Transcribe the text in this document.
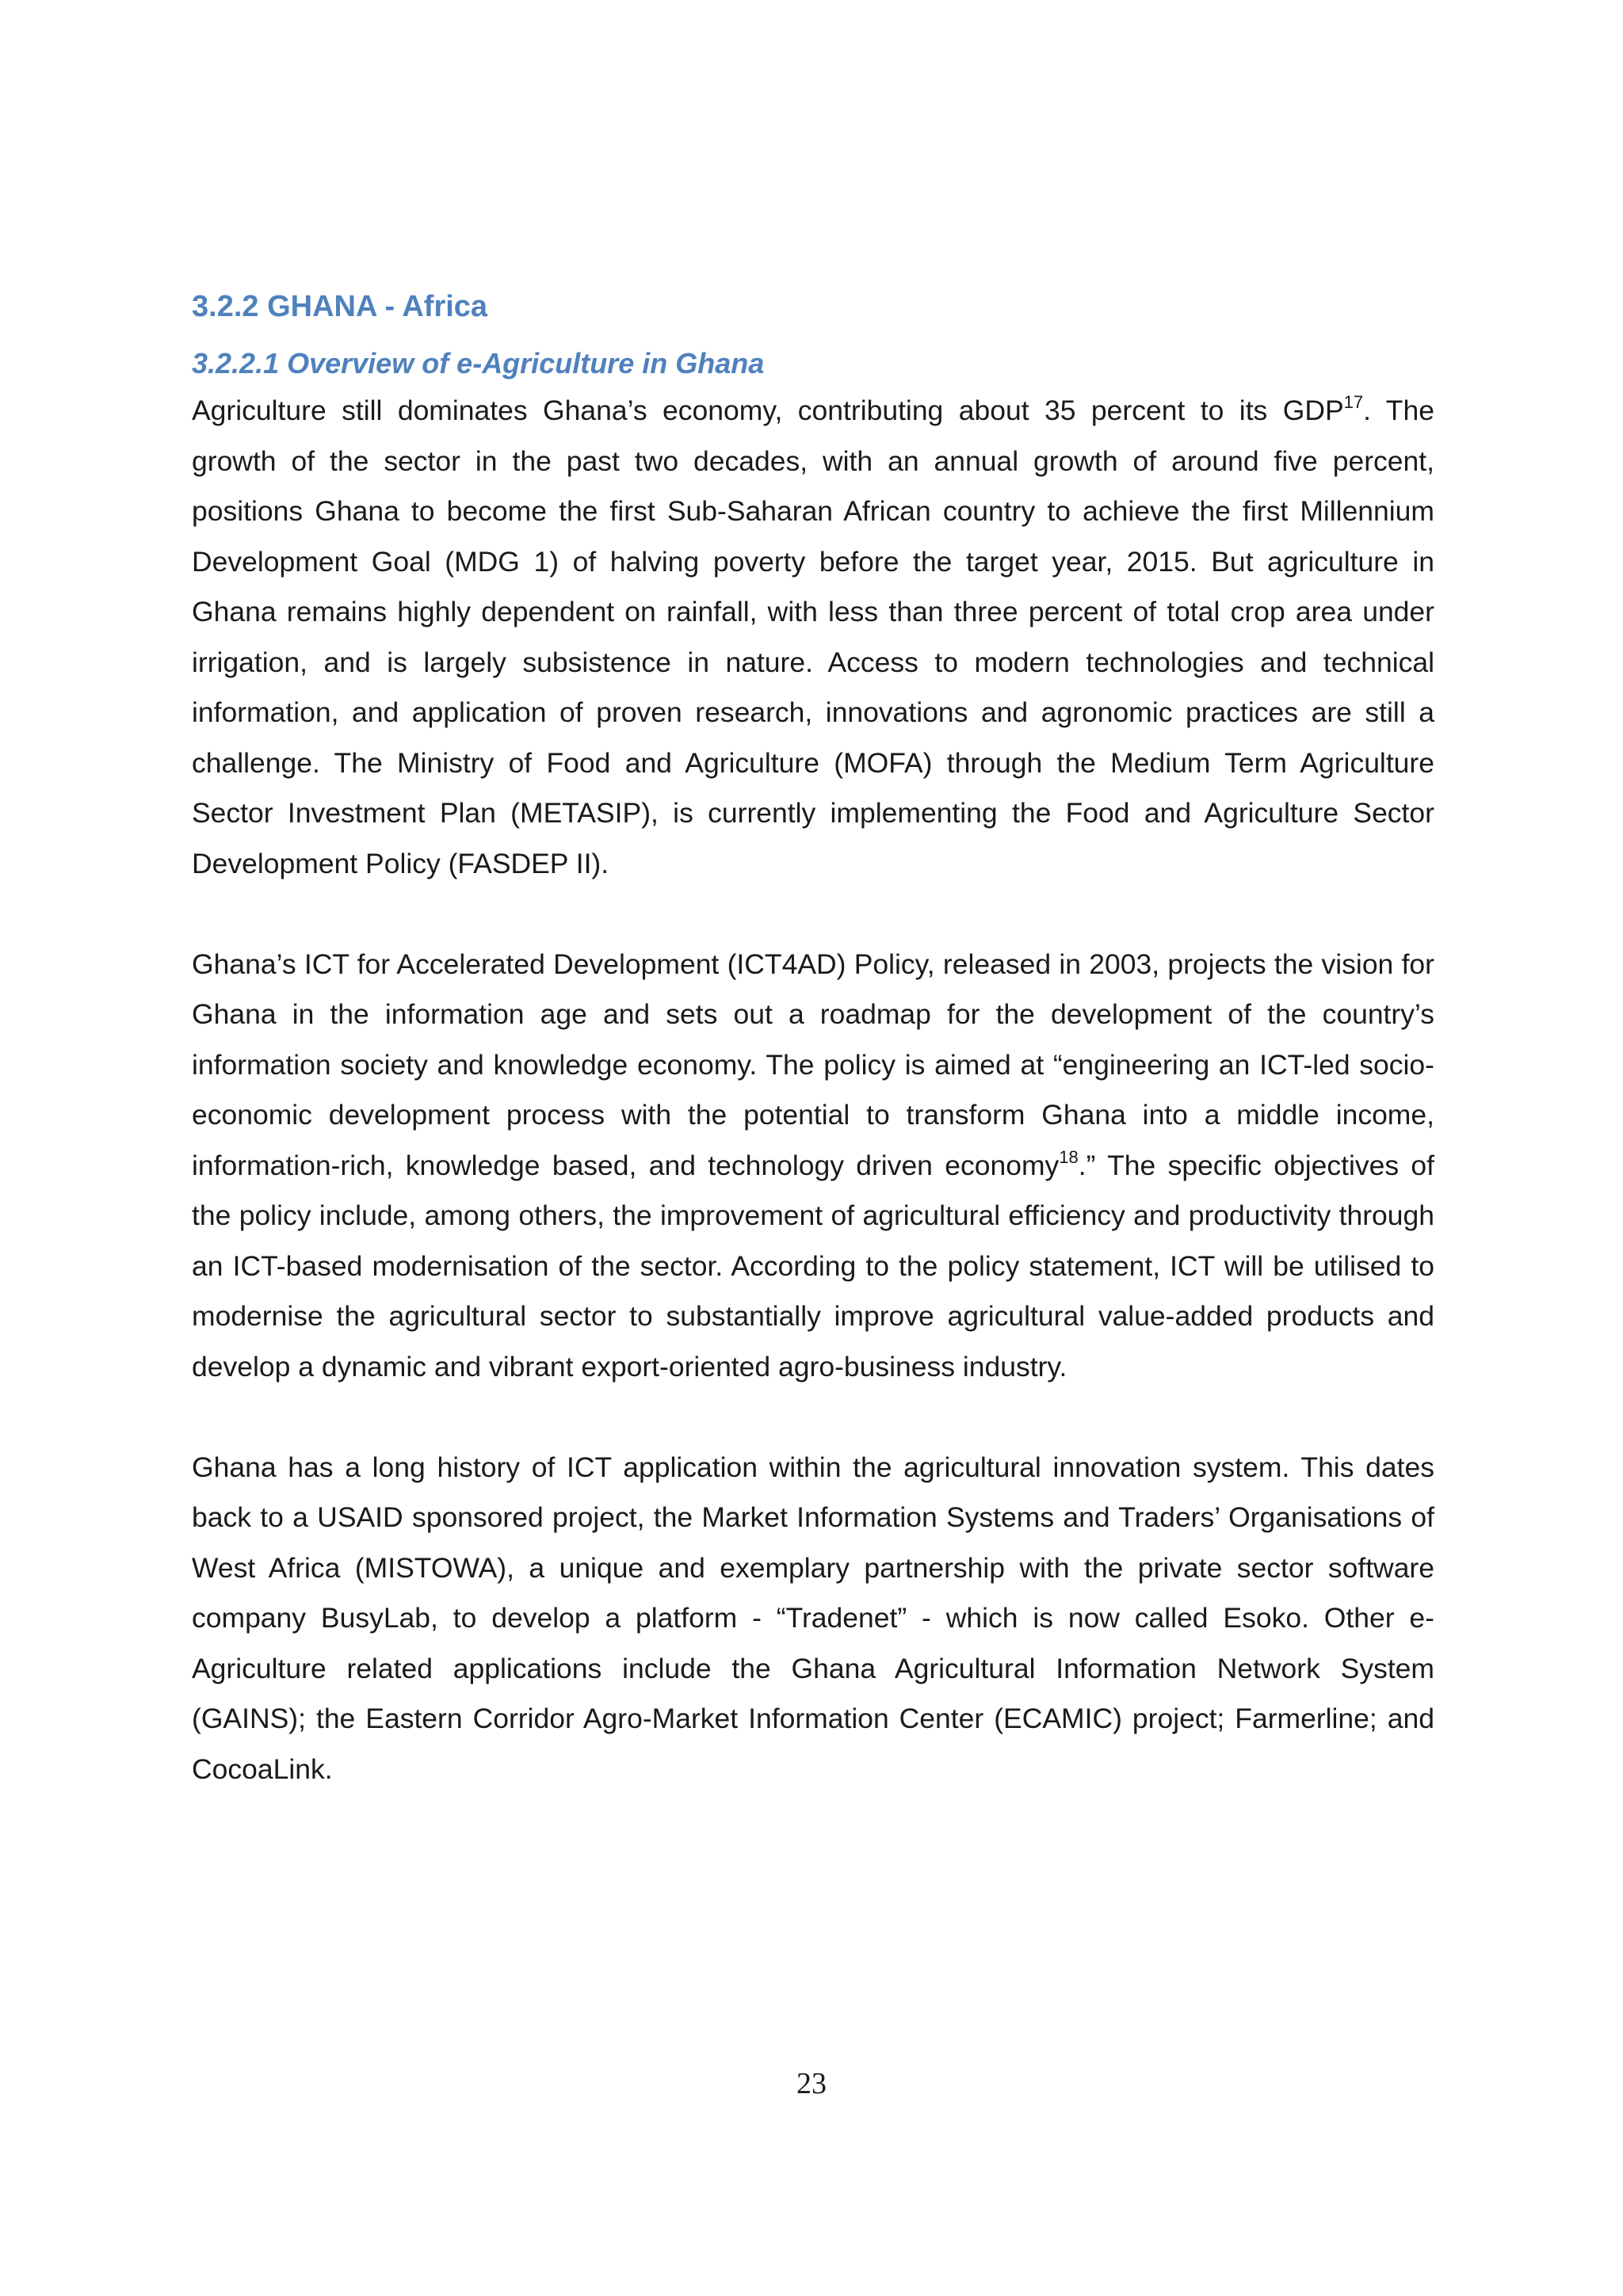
3.2.2 GHANA - Africa
3.2.2.1 Overview of e-Agriculture in Ghana

Agriculture still dominates Ghana’s economy, contributing about 35 percent to its GDP$^{17}$. The growth of the sector in the past two decades, with an annual growth of around five percent, positions Ghana to become the first Sub-Saharan African country to achieve the first Millennium Development Goal (MDG 1) of halving poverty before the target year, 2015. But agriculture in Ghana remains highly dependent on rainfall, with less than three percent of total crop area under irrigation, and is largely subsistence in nature. Access to modern technologies and technical information, and application of proven research, innovations and agronomic practices are still a challenge. The Ministry of Food and Agriculture (MOFA) through the Medium Term Agriculture Sector Investment Plan (METASIP), is currently implementing the Food and Agriculture Sector Development Policy (FASDEP II).

Ghana’s ICT for Accelerated Development (ICT4AD) Policy, released in 2003, projects the vision for Ghana in the information age and sets out a roadmap for the development of the country’s information society and knowledge economy. The policy is aimed at “engineering an ICT-led socio-economic development process with the potential to transform Ghana into a middle income, information-rich, knowledge based, and technology driven economy$^{18}$.” The specific objectives of the policy include, among others, the improvement of agricultural efficiency and productivity through an ICT-based modernisation of the sector. According to the policy statement, ICT will be utilised to modernise the agricultural sector to substantially improve agricultural value-added products and develop a dynamic and vibrant export-oriented agro-business industry.

Ghana has a long history of ICT application within the agricultural innovation system. This dates back to a USAID sponsored project, the Market Information Systems and Traders’ Organisations of West Africa (MISTOWA), a unique and exemplary partnership with the private sector software company BusyLab, to develop a platform - “Tradenet” - which is now called Esoko. Other e-Agriculture related applications include the Ghana Agricultural Information Network System (GAINS); the Eastern Corridor Agro-Market Information Center (ECAMIC) project; Farmerline; and CocoaLink.

23
